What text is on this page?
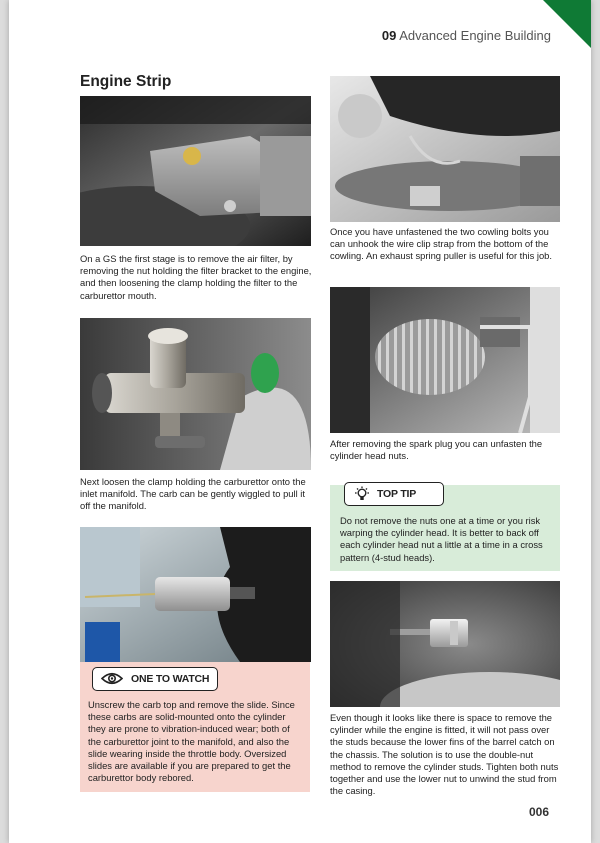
09 Advanced Engine Building
Engine Strip
On a GS the first stage is to remove the air filter, by removing the nut holding the filter bracket to the engine, and then loosening the clamp holding the filter to the carburettor mouth.
Next loosen the clamp holding the carburettor onto the inlet manifold. The carb can be gently wiggled to pull it off the manifold.
ONE TO WATCH
Unscrew the carb top and remove the slide. Since these carbs are solid-mounted onto the cylinder they are prone to vibration-induced wear; both of the carburettor joint to the manifold, and also the slide wearing inside the throttle body. Oversized slides are available if you are prepared to get the carburettor body rebored.
Once you have unfastened the two cowling bolts you can unhook the wire clip strap from the bottom of the cowling. An exhaust spring puller is useful for this job.
After removing the spark plug you can unfasten the cylinder head nuts.
TOP TIP
Do not remove the nuts one at a time or you risk warping the cylinder head. It is better to back off each cylinder head nut a little at a time in a cross pattern (4-stud heads).
Even though it looks like there is space to remove the cylinder while the engine is fitted, it will not pass over the studs because the lower fins of the barrel catch on the chassis. The solution is to use the double-nut method to remove the cylinder studs. Tighten both nuts together and use the lower nut to unwind the stud from the casing.
006
